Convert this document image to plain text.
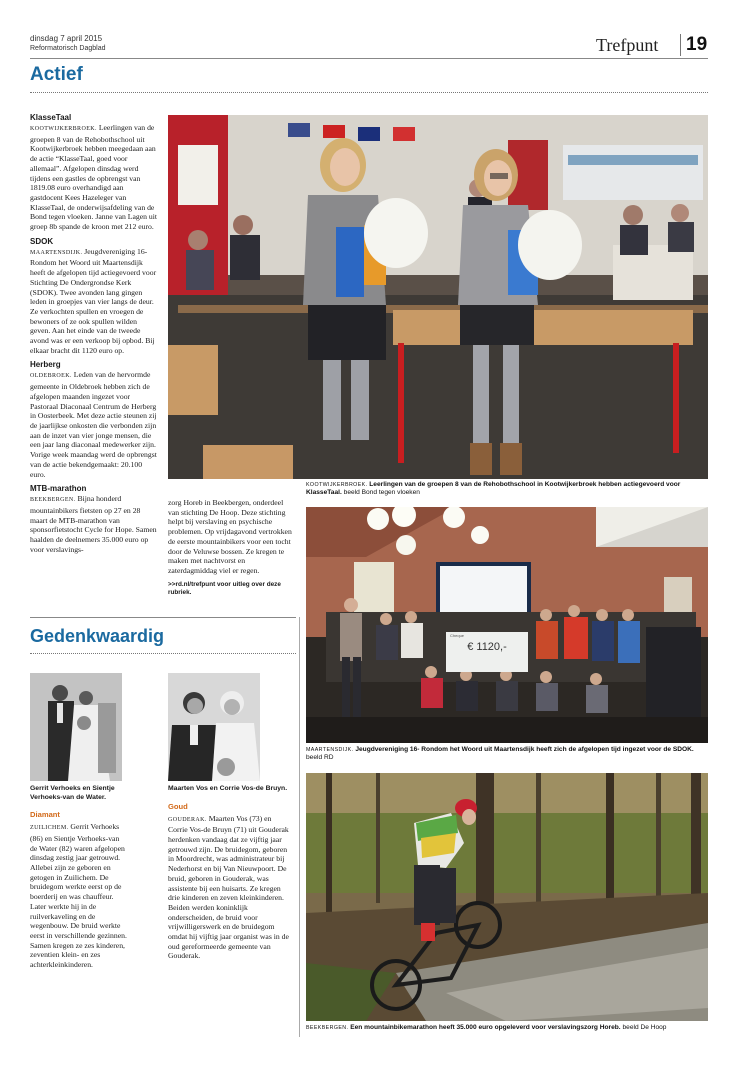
dinsdag 7 april 2015
Reformatorisch Dagblad	Trefpunt 19
Actief

KlasseTaal
KOOTWIJKERBROEK. Leerlingen van de groepen 8 van de Rehobothschool uit Kootwijkerbroek hebben meegedaan aan de actie “KlasseTaal, goed voor allemaal”. Afgelopen dinsdag werd tijdens een gastles de opbrengst van 1819.08 euro overhandigd aan gastdocent Kees Hazeleger van KlasseTaal, de onderwijsafdeling van de Bond tegen vloeken. Janne van Lagen uit groep 8b spande de kroon met 212 euro.

SDOK
MAARTENSDIJK. Jeugdvereniging 16- Rondom het Woord uit Maartensdijk heeft de afgelopen tijd actiegevoerd voor Stichting De Ondergrondse Kerk (SDOK). Twee avonden lang gingen leden in groepjes van vier langs de deur. Ze verkochten spullen en vroegen de bewoners of ze ook spullen wilden geven. Aan het einde van de tweede avond was er een verkoop bij opbod. Bij elkaar bracht dit 1120 euro op.

Herberg
OLDEBROEK. Leden van de hervormde gemeente in Oldebroek hebben zich de afgelopen maanden ingezet voor Pastoraal Diaconaal Centrum de Herberg in Oosterbeek. Met deze actie steunen zij de jaarlijkse onkosten die verbonden zijn aan de inzet van vier jonge mensen, die een jaar lang diaconaal medewerker zijn. Vorige week maandag werd de opbrengst van de actie bekendgemaakt: 20.100 euro.

MTB-marathon
BEEKBERGEN. Bijna honderd mountainbikers fietsten op 27 en 28 maart de MTB-marathon van sponsorfietstocht Cycle for Hope. Samen haalden de deelnemers 35.000 euro op voor verslavings-

zorg Horeb in Beekbergen, onderdeel van stichting De Hoop. Deze stichting helpt bij verslaving en psychische problemen. Op vrijdagavond vertrokken de eerste mountainbikers voor een tocht door de Veluwse bossen. Ze kregen te maken met nachtvorst en zaterdagmiddag viel er regen.

>>rd.nl/trefpunt voor uitleg over deze rubriek.

KOOTWIJKERBROEK. Leerlingen van de groepen 8 van de Rehobothschool in Kootwijkerbroek hebben actiegevoerd voor KlasseTaal. beeld Bond tegen vloeken
Cheque
€ 1120,-
MAARTENSDIJK. Jeugdvereniging 16- Rondom het Woord uit Maartensdijk heeft zich de afgelopen tijd ingezet voor de SDOK. beeld RD
BEEKBERGEN. Een mountainbikemarathon heeft 35.000 euro opgeleverd voor verslavingszorg Horeb. beeld De Hoop
Gedenkwaardig
Gerrit Verhoeks en Sientje Verhoeks-van de Water.
Diamant

ZUILICHEM. Gerrit Verhoeks (86) en Sientje Verhoeks-van de Water (82) waren afgelopen dinsdag zestig jaar getrouwd. Allebei zijn ze geboren en getogen in Zuilichem. De bruidegom werkte eerst op de boerderij en was chauffeur. Later werkte hij in de ruilverkaveling en de wegenbouw. De bruid werkte eerst in verschillende gezinnen. Samen kregen ze zes kinderen, zeventien klein- en zes achterkleinkinderen.

Maarten Vos en Corrie Vos-de Bruyn.
Goud

GOUDERAK. Maarten Vos (73) en Corrie Vos-de Bruyn (71) uit Gouderak herdenken vandaag dat ze vijftig jaar getrouwd zijn. De bruidegom, geboren in Moordrecht, was administrateur bij Nederhorst en bij Van Nieuwpoort. De bruid, geboren in Gouderak, was assistente bij een huisarts. Ze kregen drie kinderen en zeven kleinkinderen. Beiden werden koninklijk onderscheiden, de bruid voor vrijwilligerswerk en de bruidegom omdat hij vijftig jaar organist was in de oud gereformeerde gemeente van Gouderak.
